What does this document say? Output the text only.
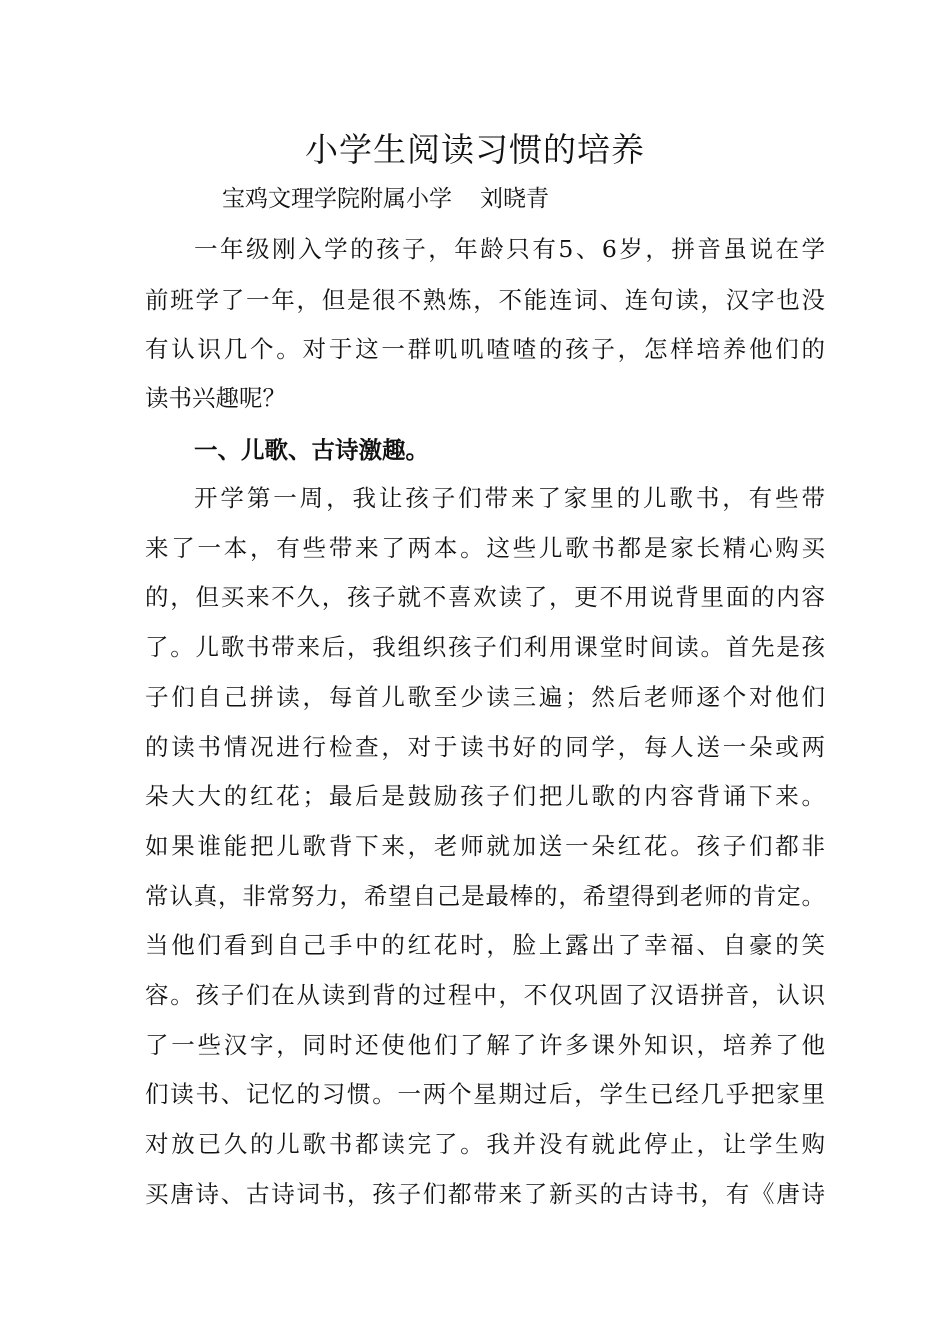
小学生阅读习惯的培养
宝鸡文理学院附属小学 刘晓青
一年级刚入学的孩子，年龄只有5、6岁，拼音虽说在学
前班学了一年，但是很不熟炼，不能连词、连句读，汉字也没
有认识几个。对于这一群叽叽喳喳的孩子，怎样培养他们的
读书兴趣呢？
一、儿歌、古诗激趣。
开学第一周，我让孩子们带来了家里的儿歌书，有些带
来了一本，有些带来了两本。这些儿歌书都是家长精心购买
的，但买来不久，孩子就不喜欢读了，更不用说背里面的内容
了。儿歌书带来后，我组织孩子们利用课堂时间读。首先是孩
子们自己拼读，每首儿歌至少读三遍；然后老师逐个对他们
的读书情况进行检查，对于读书好的同学，每人送一朵或两
朵大大的红花；最后是鼓励孩子们把儿歌的内容背诵下来。
如果谁能把儿歌背下来，老师就加送一朵红花。孩子们都非
常认真，非常努力，希望自己是最棒的，希望得到老师的肯定。
当他们看到自己手中的红花时，脸上露出了幸福、自豪的笑
容。孩子们在从读到背的过程中，不仅巩固了汉语拼音，认识
了一些汉字，同时还使他们了解了许多课外知识，培养了他
们读书、记忆的习惯。一两个星期过后，学生已经几乎把家里
对放已久的儿歌书都读完了。我并没有就此停止，让学生购
买唐诗、古诗词书，孩子们都带来了新买的古诗书，有《唐诗
